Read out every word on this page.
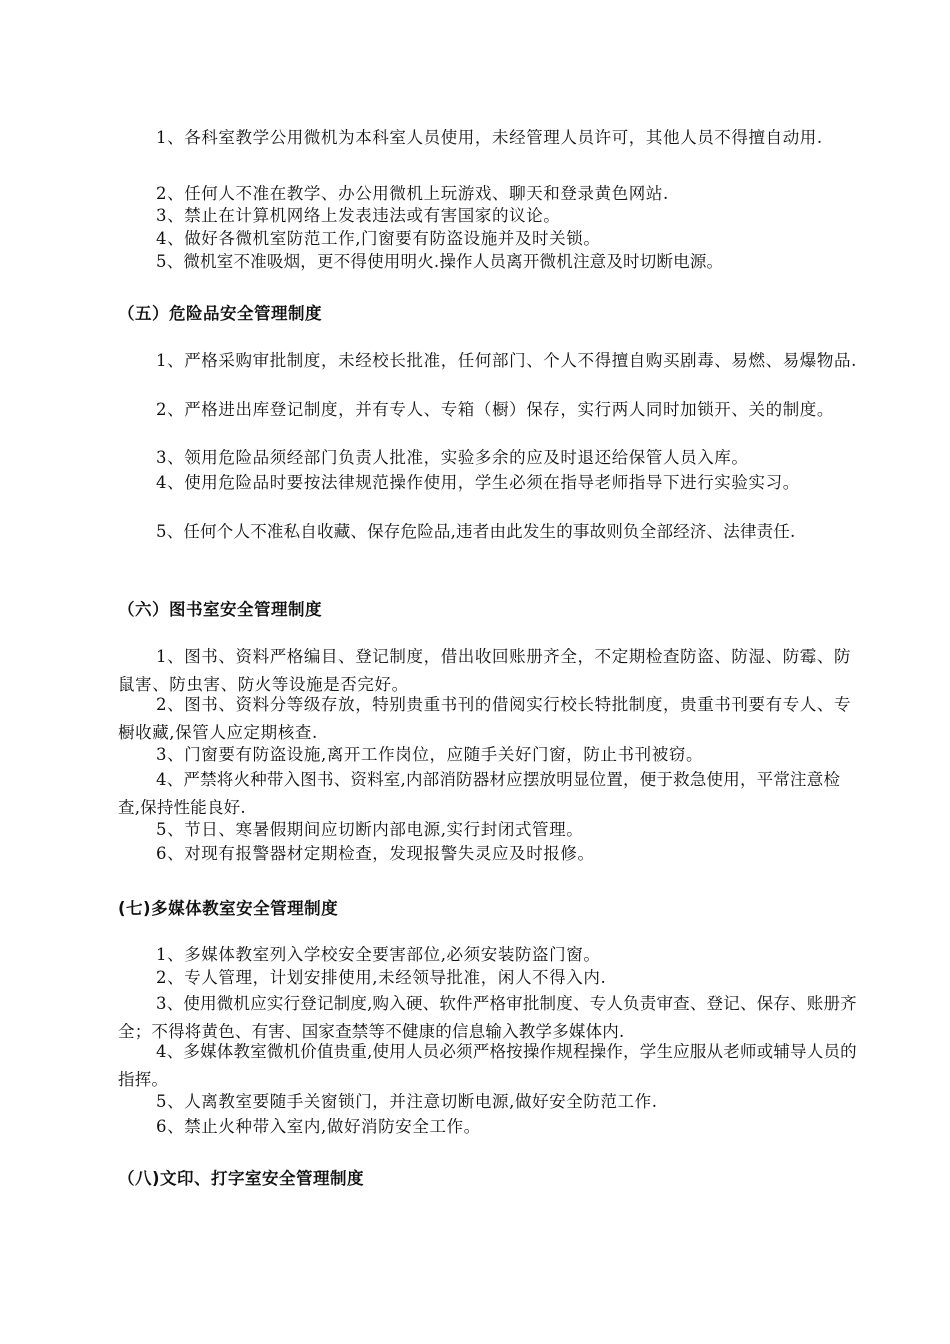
1、各科室教学公用微机为本科室人员使用，未经管理人员许可，其他人员不得擅自动用.

2、任何人不准在教学、办公用微机上玩游戏、聊天和登录黄色网站.

3、禁止在计算机网络上发表违法或有害国家的议论。

4、做好各微机室防范工作,门窗要有防盗设施并及时关锁。

5、微机室不准吸烟，更不得使用明火.操作人员离开微机注意及时切断电源。

（五）危险品安全管理制度

1、严格采购审批制度，未经校长批准，任何部门、个人不得擅自购买剧毒、易燃、易爆物品.

2、严格进出库登记制度，并有专人、专箱（橱）保存，实行两人同时加锁开、关的制度。

3、领用危险品须经部门负责人批准，实验多余的应及时退还给保管人员入库。

4、使用危险品时要按法律规范操作使用，学生必须在指导老师指导下进行实验实习。

5、任何个人不准私自收藏、保存危险品,违者由此发生的事故则负全部经济、法律责任.

（六）图书室安全管理制度

1、图书、资料严格编目、登记制度，借出收回账册齐全，不定期检查防盗、防湿、防霉、防鼠害、防虫害、防火等设施是否完好。

2、图书、资料分等级存放，特别贵重书刊的借阅实行校长特批制度，贵重书刊要有专人、专橱收藏,保管人应定期核查.

3、门窗要有防盗设施,离开工作岗位，应随手关好门窗，防止书刊被窃。

4、严禁将火种带入图书、资料室,内部消防器材应摆放明显位置，便于救急使用，平常注意检查,保持性能良好.

5、节日、寒暑假期间应切断内部电源,实行封闭式管理。

6、对现有报警器材定期检查，发现报警失灵应及时报修。

(七)多媒体教室安全管理制度

1、多媒体教室列入学校安全要害部位,必须安装防盗门窗。

2、专人管理，计划安排使用,未经领导批准，闲人不得入内.

3、使用微机应实行登记制度,购入硬、软件严格审批制度、专人负责审查、登记、保存、账册齐全；不得将黄色、有害、国家查禁等不健康的信息输入教学多媒体内.

4、多媒体教室微机价值贵重,使用人员必须严格按操作规程操作，学生应服从老师或辅导人员的指挥。

5、人离教室要随手关窗锁门，并注意切断电源,做好安全防范工作.

6、禁止火种带入室内,做好消防安全工作。

（八)文印、打字室安全管理制度
